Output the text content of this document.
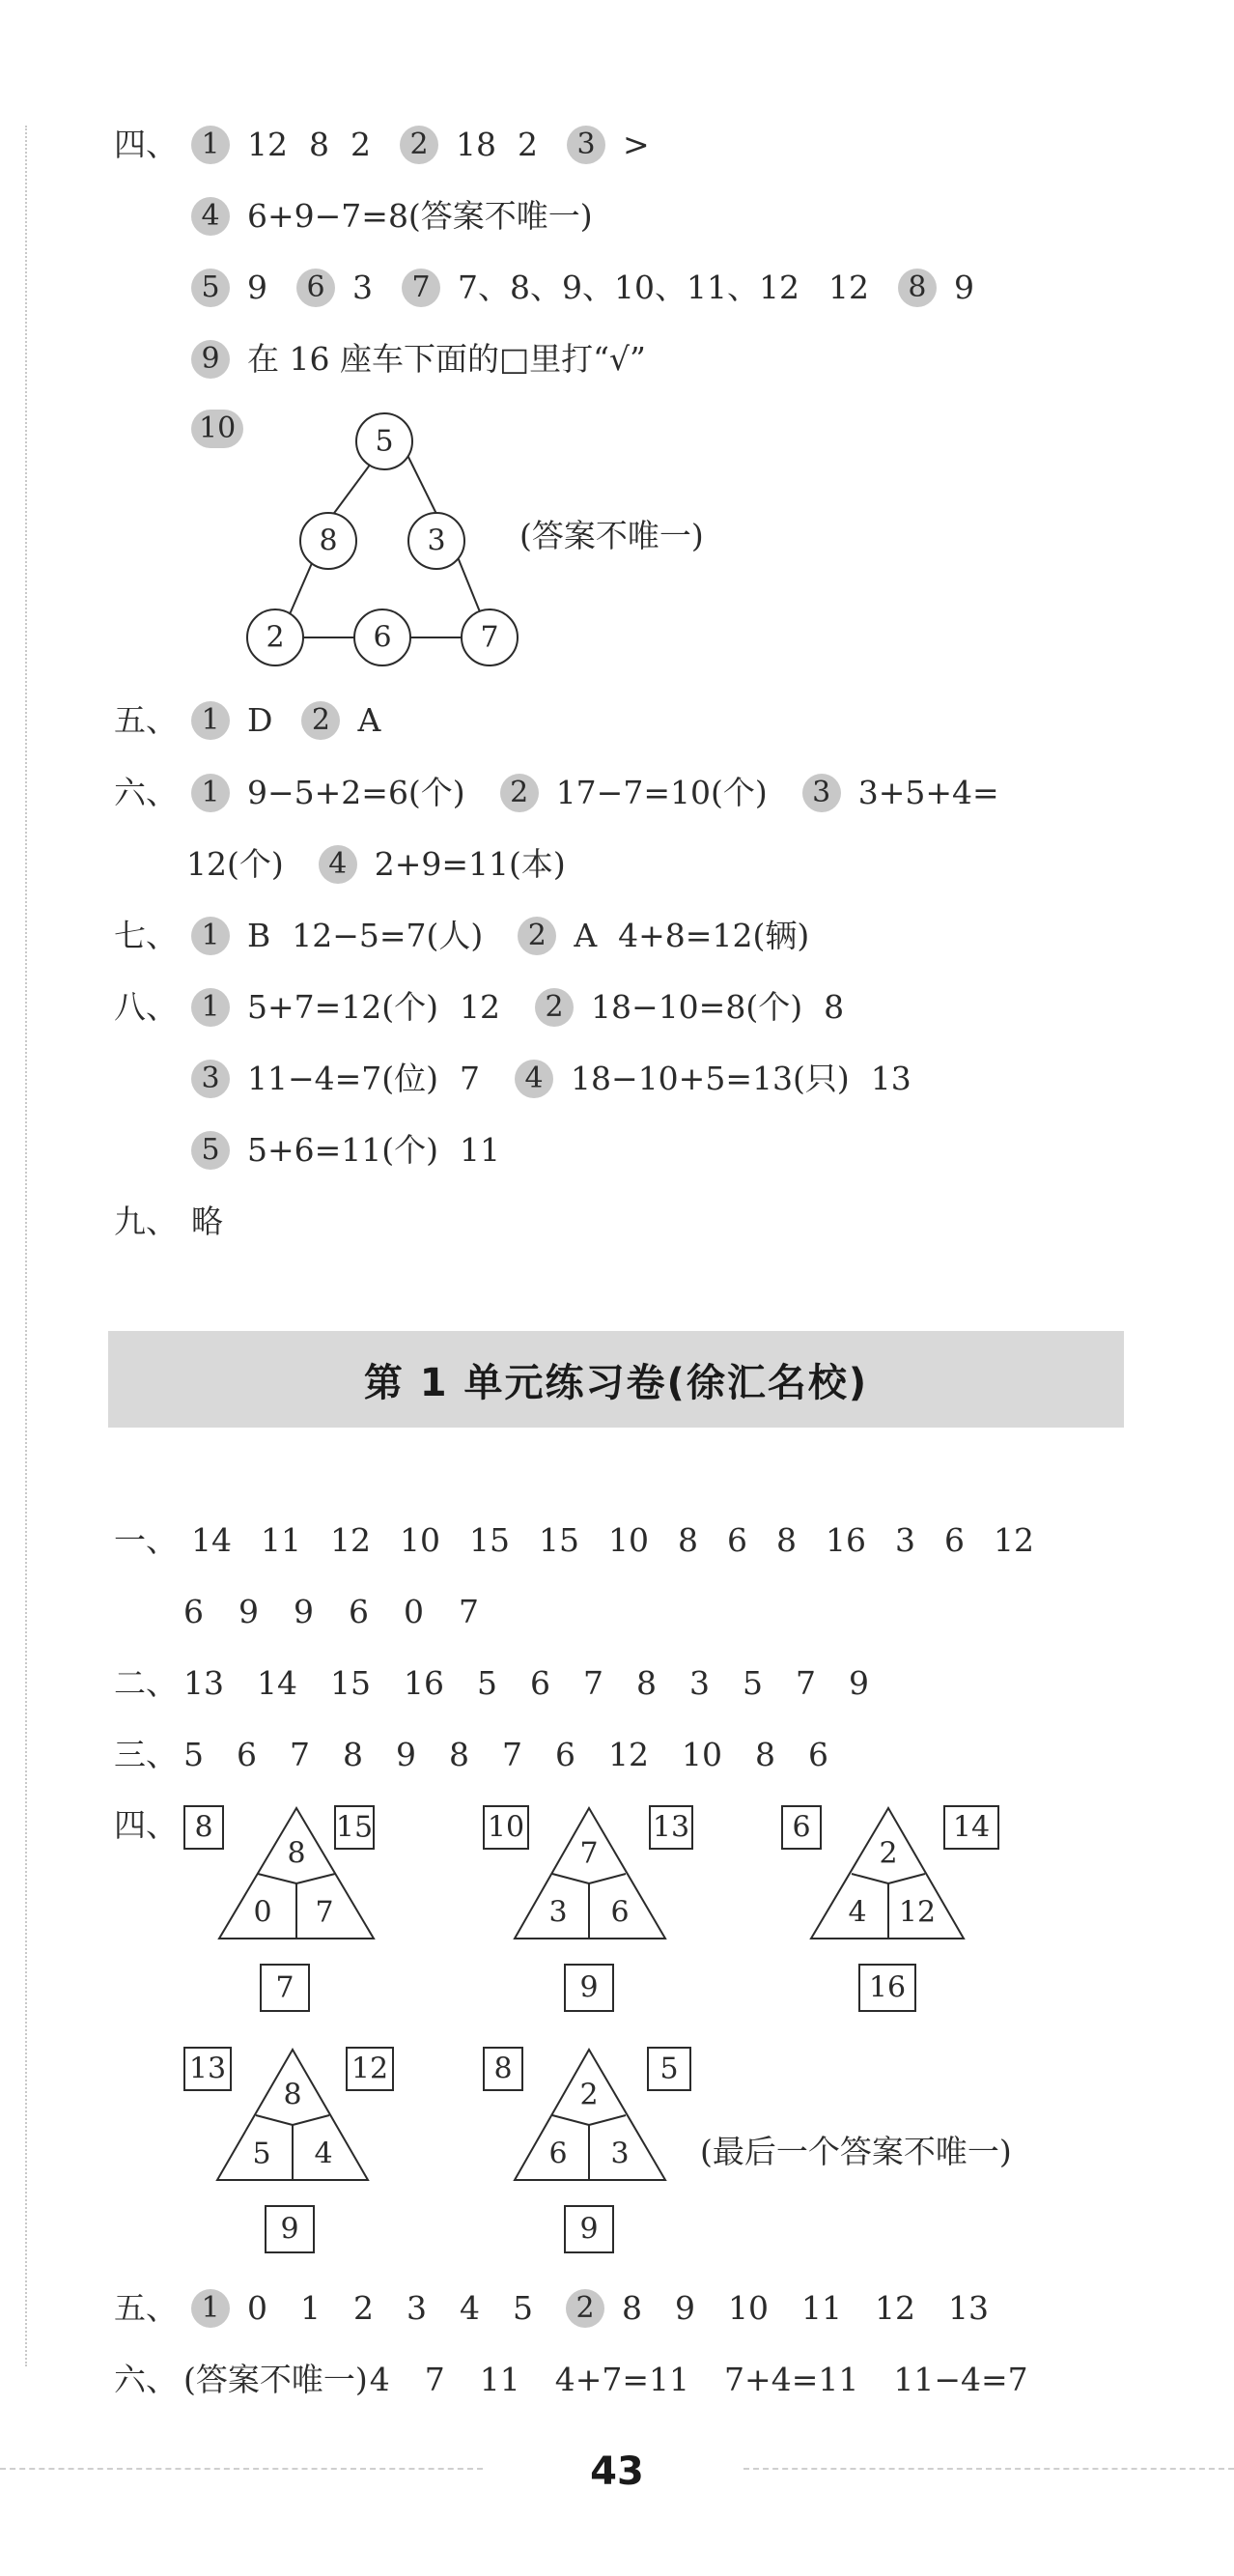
四、 1 12 8 2	2 18 2	3 >
4 6+9−7=8(答案不唯一)
5 9	6 3	7 7、8、9、10、11、12 12	8 9
9 在 16 座车下面的□里打“√”
10	5
8	3
2	6	7
(答案不唯一)
五、 1 D	2 A
六、 1 9−5+2=6(个)	2 17−7=10(个)	3 3+5+4=
12(个)	4 2+9=11(本)
七、 1 B 12−5=7(人)	2 A 4+8=12(辆)
八、 1 5+7=12(个) 12	2 18−10=8(个) 8
3 11−4=7(位) 7	4 18−10+5=13(只) 13
5 5+6=11(个) 11
九、 略
第 1 单元练习卷(徐汇名校)
一、 14 11 12 10 15 15 10 8 6 8 16 3 6 12
6 9 9 6 0 7
二、 13 14 15 16 5 6 7 8 3 5 7 9
三、 5 6 7 8 9 8 7 6 12 10 8 6
四、 8	15
8
0 7
7
10	13
7
3 6
9
6	14
2
4 12
16
13	12
8
5 4
9
8	5
2
6 3
9
(最后一个答案不唯一)
五、 1 0 1 2 3 4 5	2 8 9 10 11 12 13
六、 (答案不唯一) 4 7 11 4+7=11 7+4=11 11−4=7
43
